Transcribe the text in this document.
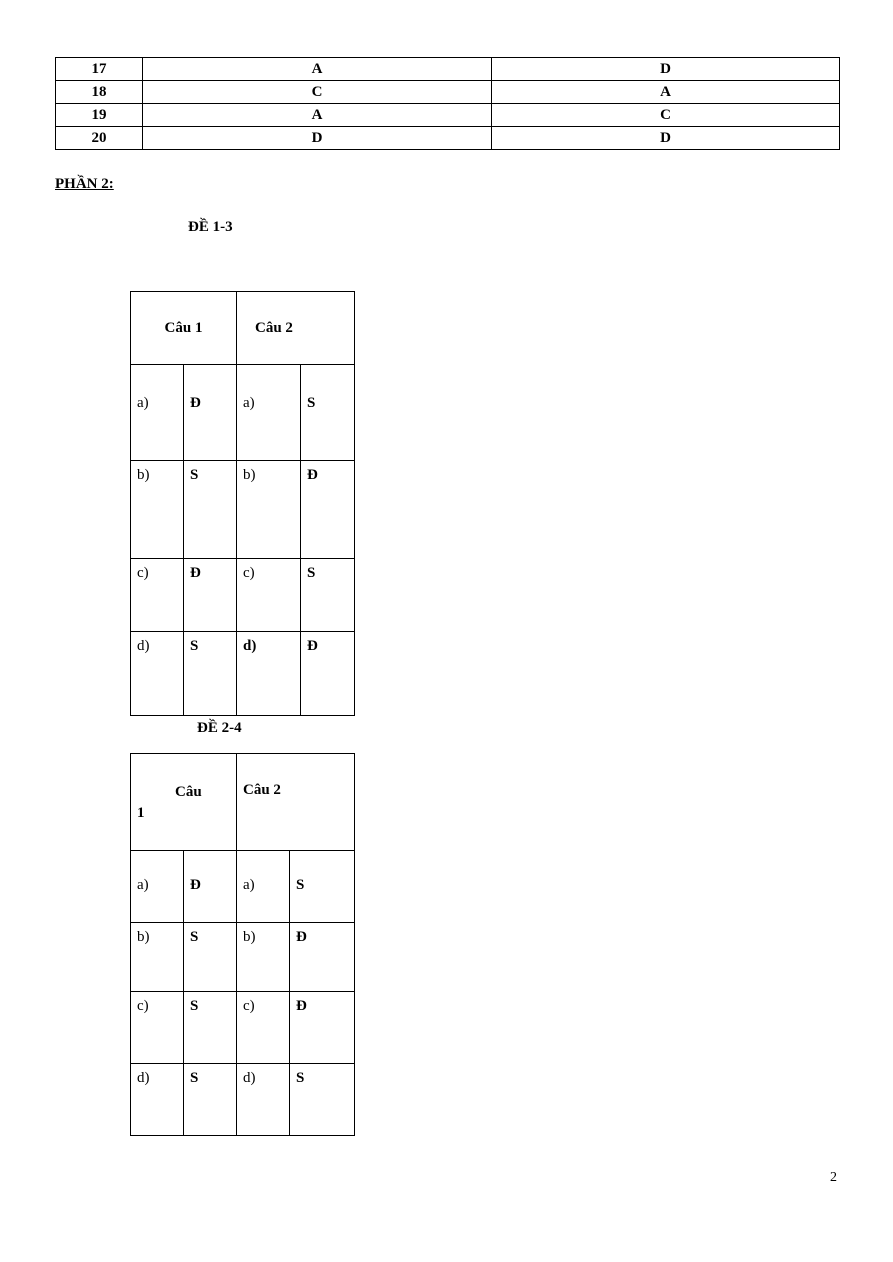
17	A	D
18	C	A
19	A	C
20	D	D
PHẦN 2:
ĐỀ 1-3
Câu 1		Câu 2	
a)	Đ	a)	S
b)	S	b)	Đ
c)	Đ	c)	S
d)	S	d)	Đ
ĐỀ 2-4
Câu
1		Câu 2	
a)	Đ	a)	S
b)	S	b)	Đ
c)	S	c)	Đ
d)	S	d)	S
2
